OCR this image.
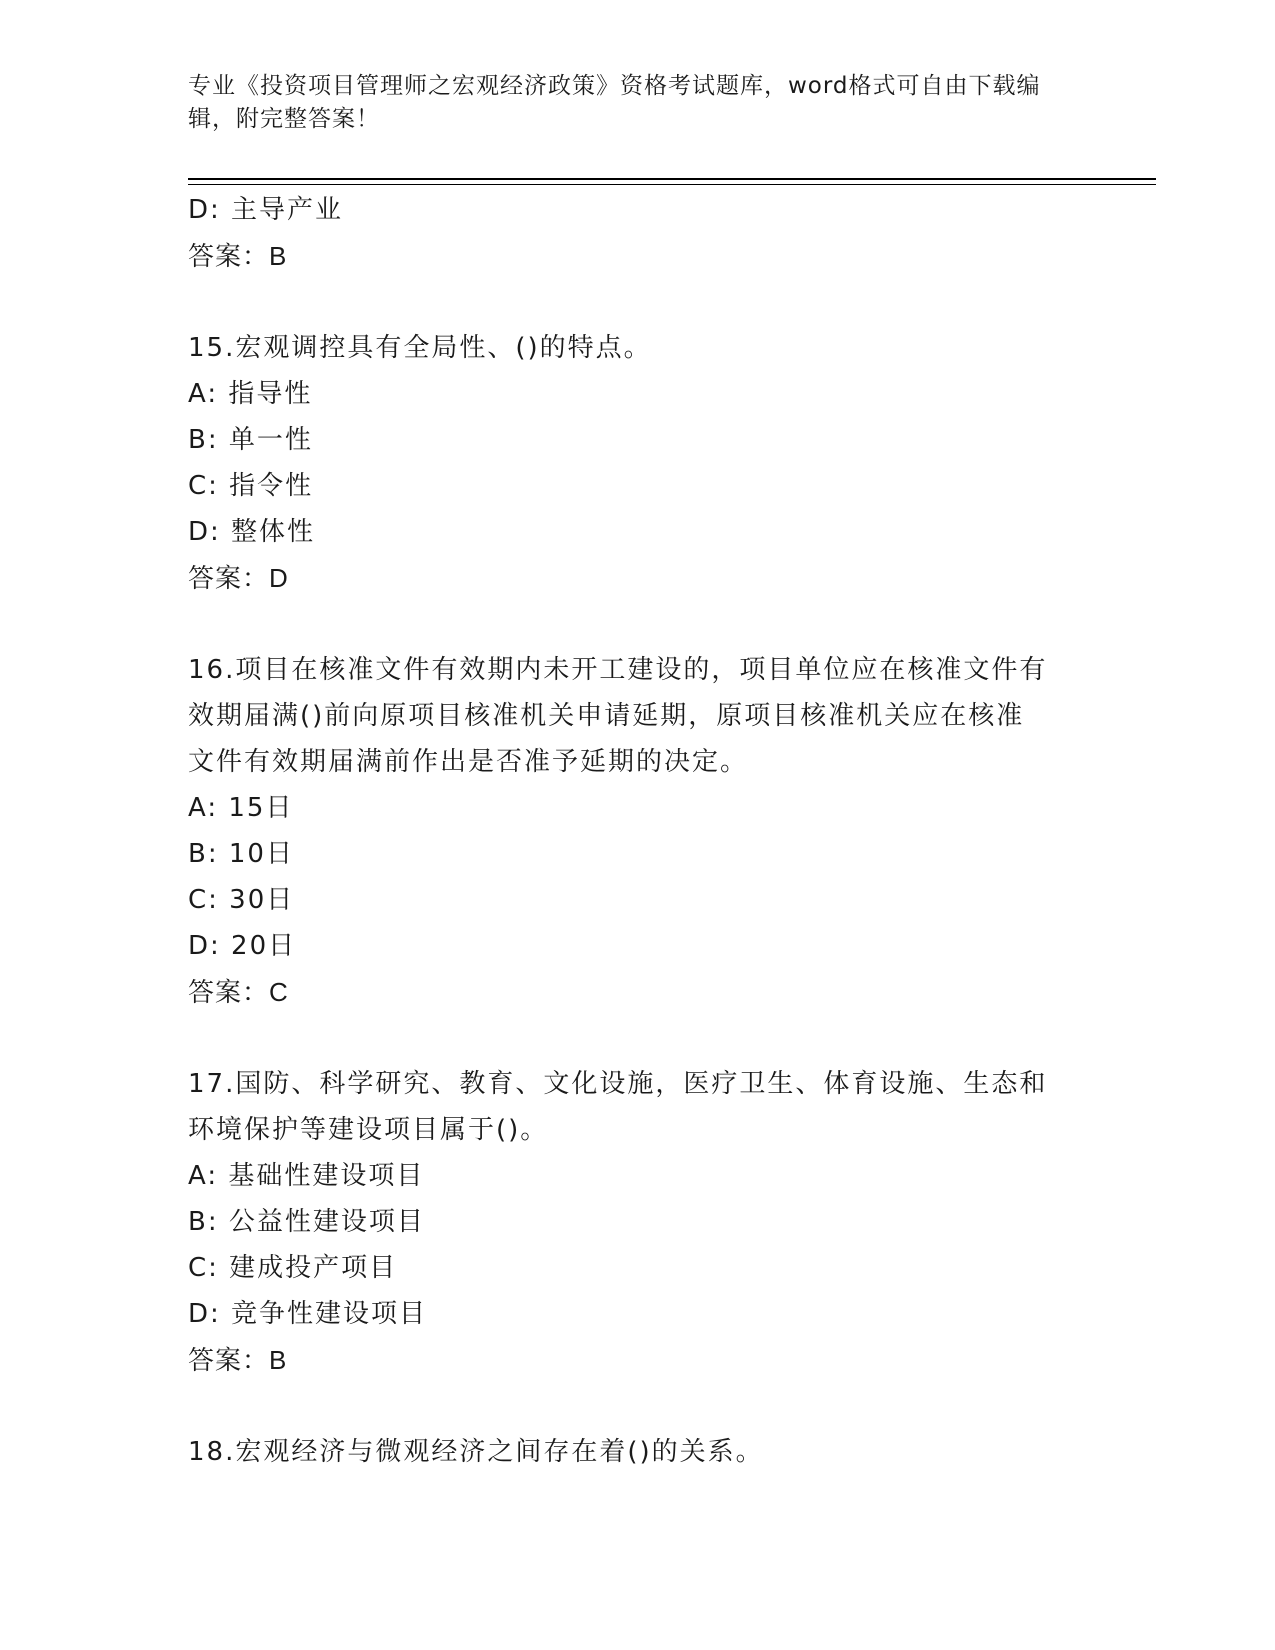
专业《投资项目管理师之宏观经济政策》资格考试题库，word格式可自由下载编
辑，附完整答案！
D: 主导产业
答案：B
15.宏观调控具有全局性、()的特点。
A: 指导性
B: 单一性
C: 指令性
D: 整体性
答案：D
16.项目在核准文件有效期内未开工建设的，项目单位应在核准文件有
效期届满()前向原项目核准机关申请延期，原项目核准机关应在核准
文件有效期届满前作出是否准予延期的决定。
A: 15日
B: 10日
C: 30日
D: 20日
答案：C
17.国防、科学研究、教育、文化设施，医疗卫生、体育设施、生态和
环境保护等建设项目属于()。
A: 基础性建设项目
B: 公益性建设项目
C: 建成投产项目
D: 竞争性建设项目
答案：B
18.宏观经济与微观经济之间存在着()的关系。
